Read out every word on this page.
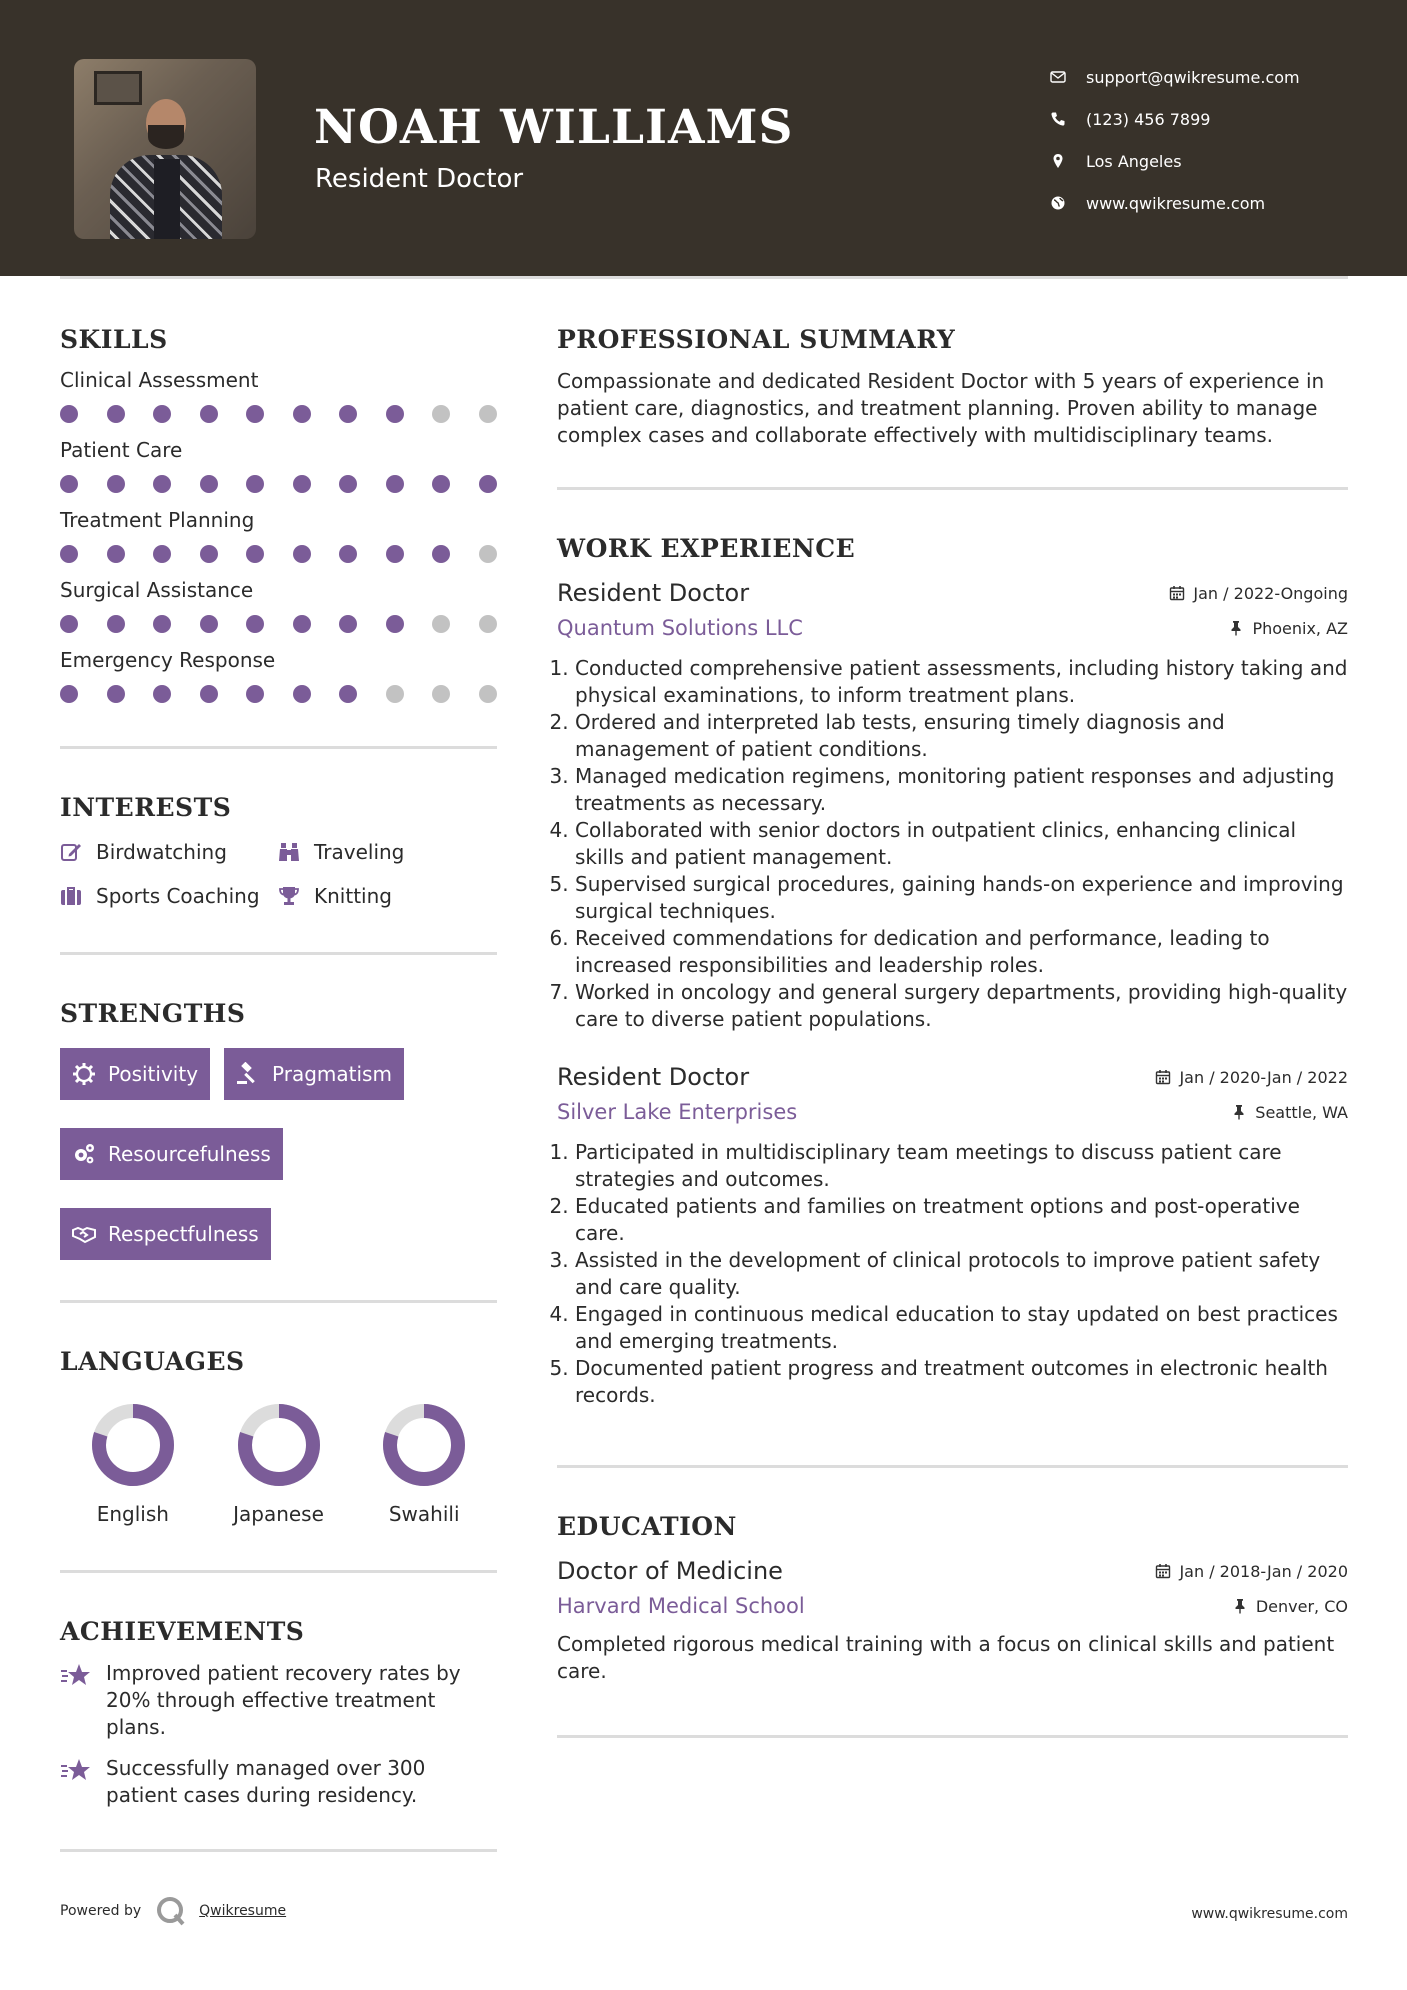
NOAH WILLIAMS
Resident Doctor
support@qwikresume.com
(123) 456 7899
Los Angeles
www.qwikresume.com
SKILLS
Clinical Assessment
Patient Care
Treatment Planning
Surgical Assistance
Emergency Response
INTERESTS
Birdwatching	Traveling
Sports Coaching	Knitting
STRENGTHS
Positivity	Pragmatism
Resourcefulness
Respectfulness
LANGUAGES
English	Japanese	Swahili
ACHIEVEMENTS
Improved patient recovery rates by 20% through effective treatment plans.
Successfully managed over 300 patient cases during residency.
PROFESSIONAL SUMMARY
Compassionate and dedicated Resident Doctor with 5 years of experience in patient care, diagnostics, and treatment planning. Proven ability to manage complex cases and collaborate effectively with multidisciplinary teams.
WORK EXPERIENCE
Resident Doctor	Jan / 2022-Ongoing
Quantum Solutions LLC	Phoenix, AZ
1. Conducted comprehensive patient assessments, including history taking and physical examinations, to inform treatment plans.
2. Ordered and interpreted lab tests, ensuring timely diagnosis and management of patient conditions.
3. Managed medication regimens, monitoring patient responses and adjusting treatments as necessary.
4. Collaborated with senior doctors in outpatient clinics, enhancing clinical skills and patient management.
5. Supervised surgical procedures, gaining hands-on experience and improving surgical techniques.
6. Received commendations for dedication and performance, leading to increased responsibilities and leadership roles.
7. Worked in oncology and general surgery departments, providing high-quality care to diverse patient populations.
Resident Doctor	Jan / 2020-Jan / 2022
Silver Lake Enterprises	Seattle, WA
1. Participated in multidisciplinary team meetings to discuss patient care strategies and outcomes.
2. Educated patients and families on treatment options and post-operative care.
3. Assisted in the development of clinical protocols to improve patient safety and care quality.
4. Engaged in continuous medical education to stay updated on best practices and emerging treatments.
5. Documented patient progress and treatment outcomes in electronic health records.
EDUCATION
Doctor of Medicine	Jan / 2018-Jan / 2020
Harvard Medical School	Denver, CO
Completed rigorous medical training with a focus on clinical skills and patient care.
Powered by	Qwikresume	www.qwikresume.com
